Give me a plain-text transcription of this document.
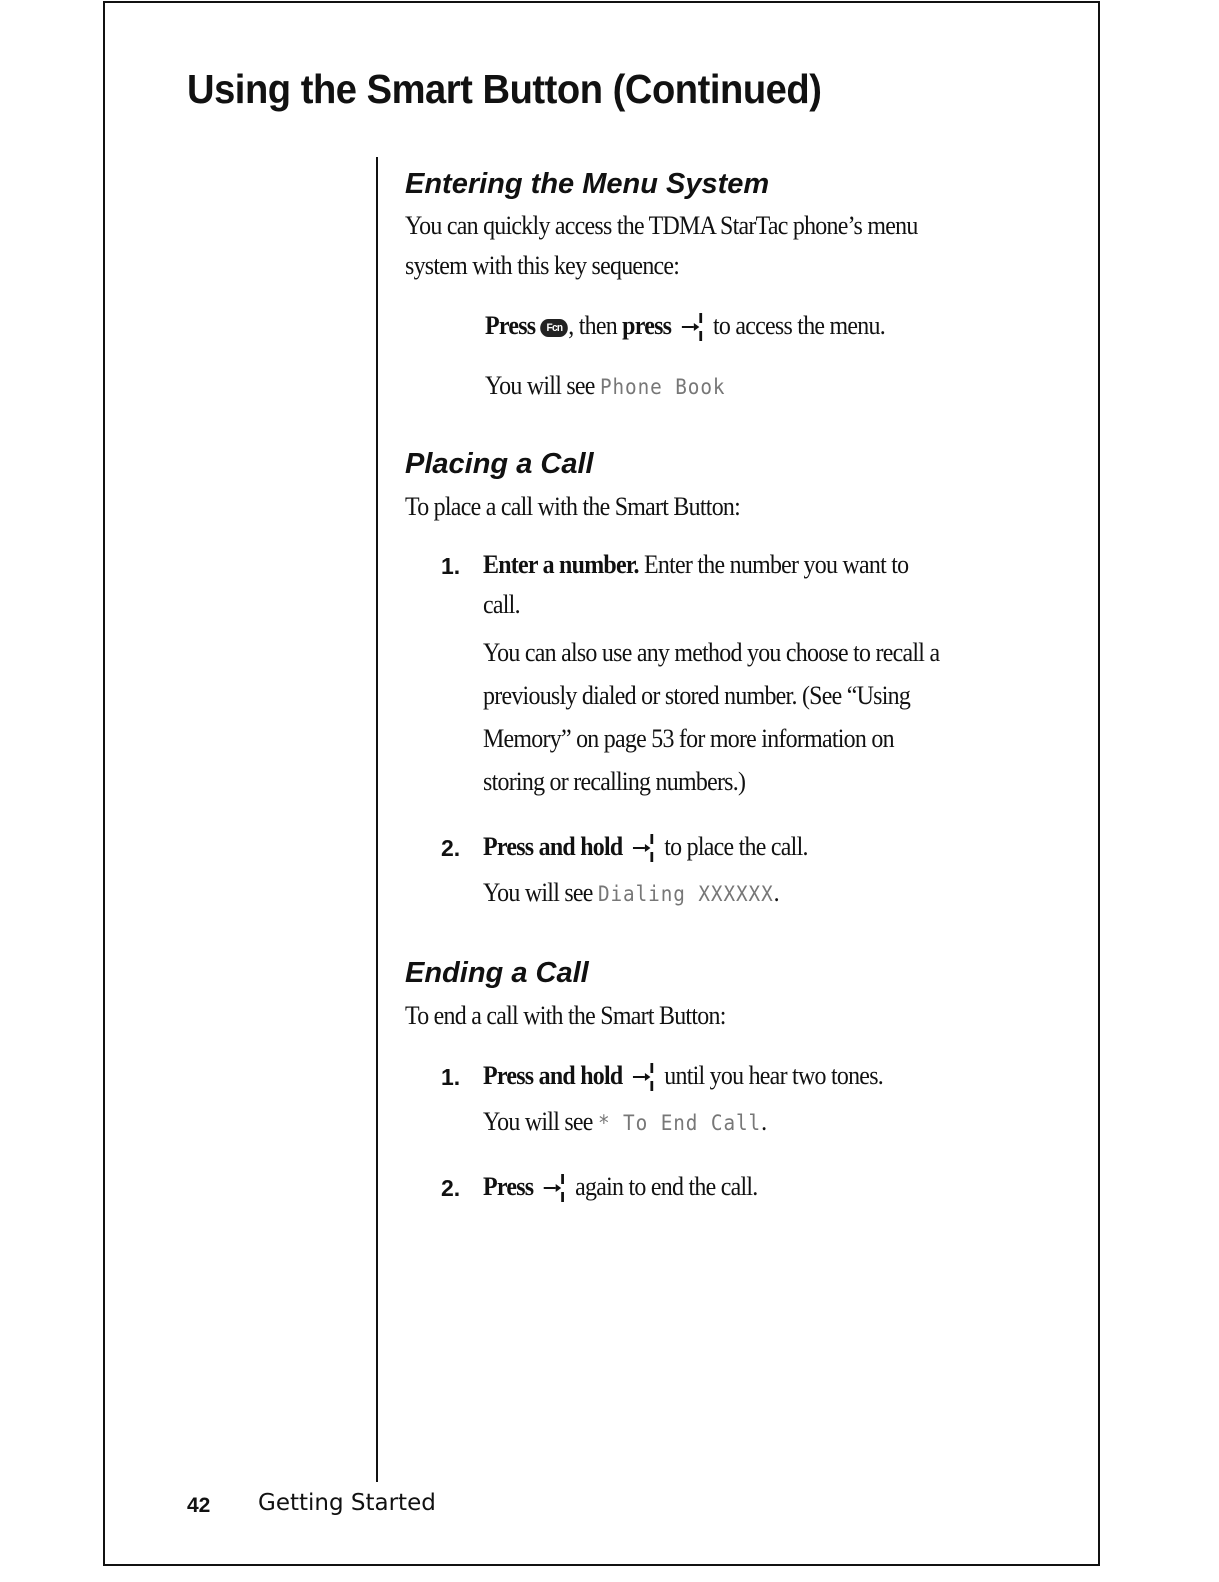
Using the Smart Button (Continued)
Entering the Menu System

You can quickly access the TDMA StarTac phone’s menu
system with this key sequence:

Press Fcn , then press to access the menu.

You will see Phone Book

Placing a Call

To place a call with the Smart Button:

1. Enter a number. Enter the number you want to
call.

You can also use any method you choose to recall a
previously dialed or stored number. (See “Using
Memory” on page 53 for more information on
storing or recalling numbers.)

2. Press and hold to place the call.

You will see Dialing XXXXXX.

Ending a Call

To end a call with the Smart Button:

1. Press and hold until you hear two tones.

You will see * To End Call.

2. Press again to end the call.

42 Getting Started
